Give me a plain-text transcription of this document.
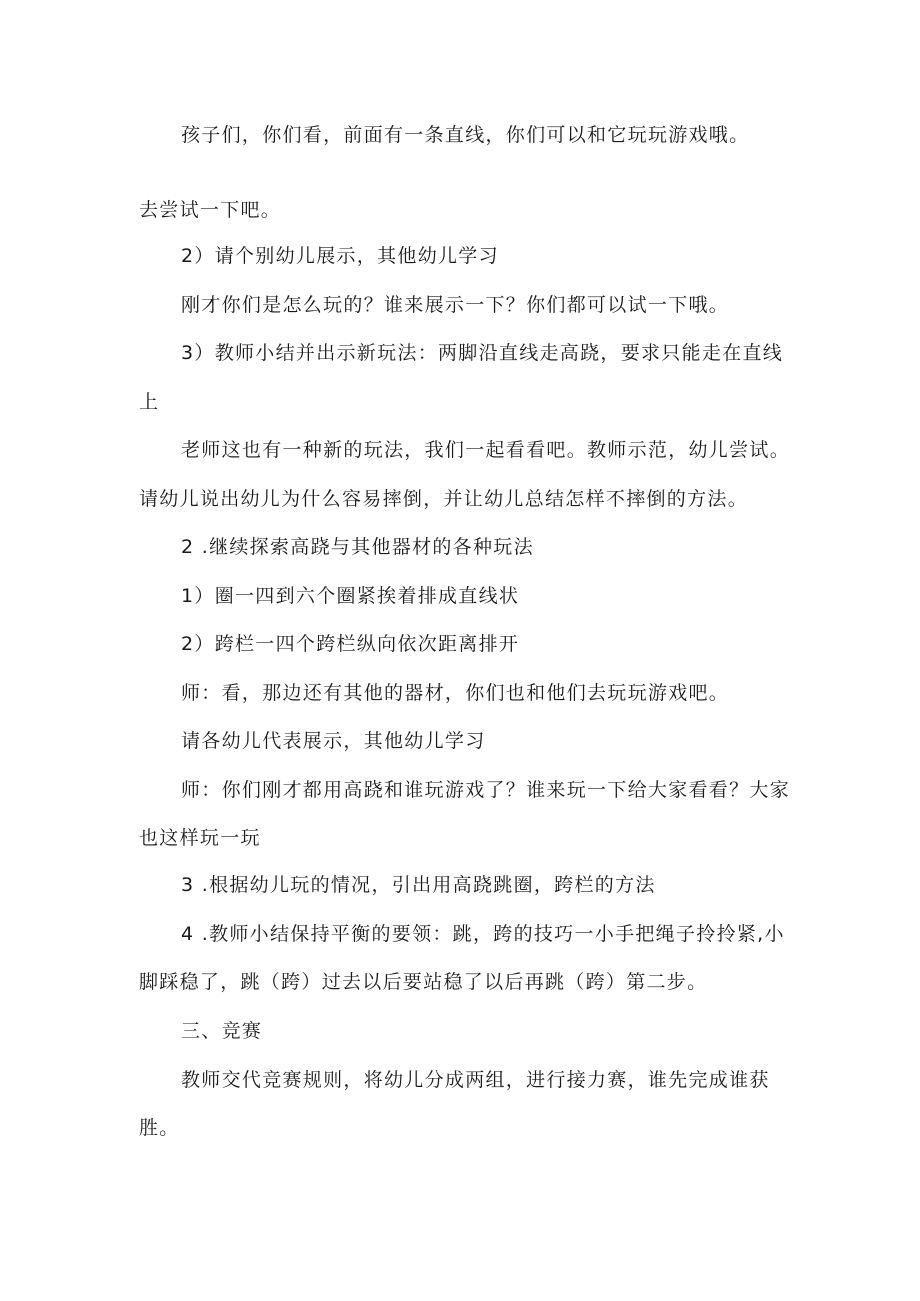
孩子们，你们看，前面有一条直线，你们可以和它玩玩游戏哦。
去尝试一下吧。
2）请个别幼儿展示，其他幼儿学习
刚才你们是怎么玩的？谁来展示一下？你们都可以试一下哦。
3）教师小结并出示新玩法：两脚沿直线走高跷，要求只能走在直线
上
老师这也有一种新的玩法，我们一起看看吧。教师示范，幼儿尝试。
请幼儿说出幼儿为什么容易摔倒，并让幼儿总结怎样不摔倒的方法。
2 .继续探索高跷与其他器材的各种玩法
1）圈一四到六个圈紧挨着排成直线状
2）跨栏一四个跨栏纵向依次距离排开
师：看，那边还有其他的器材，你们也和他们去玩玩游戏吧。
请各幼儿代表展示，其他幼儿学习
师：你们刚才都用高跷和谁玩游戏了？谁来玩一下给大家看看？大家
也这样玩一玩
3 .根据幼儿玩的情况，引出用高跷跳圈，跨栏的方法
4 .教师小结保持平衡的要领：跳，跨的技巧一小手把绳子拎拎紧,小
脚踩稳了，跳（跨）过去以后要站稳了以后再跳（跨）第二步。
三、竞赛
教师交代竞赛规则，将幼儿分成两组，进行接力赛，谁先完成谁获
胜。
